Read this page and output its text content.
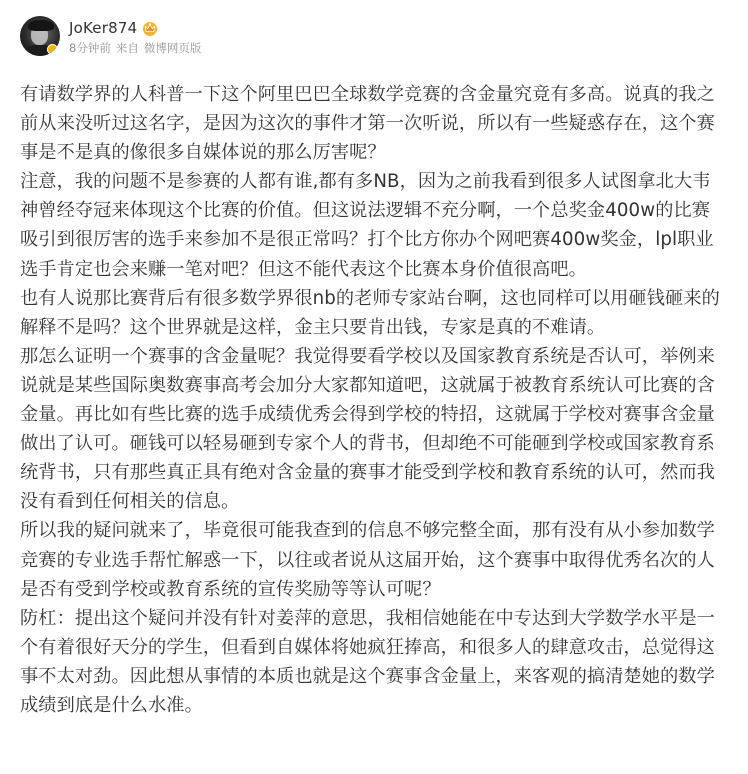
JoKer874
8分钟前 来自 微博网页版

有请数学界的人科普一下这个阿里巴巴全球数学竞赛的含金量究竟有多高。说真的我之前从来没听过这名字，是因为这次的事件才第一次听说，所以有一些疑惑存在，这个赛事是不是真的像很多自媒体说的那么厉害呢？

注意，我的问题不是参赛的人都有谁,都有多NB，因为之前我看到很多人试图拿北大韦神曾经夺冠来体现这个比赛的价值。但这说法逻辑不充分啊，一个总奖金400w的比赛吸引到很厉害的选手来参加不是很正常吗？打个比方你办个网吧赛400w奖金，lpl职业选手肯定也会来赚一笔对吧？但这不能代表这个比赛本身价值很高吧。

也有人说那比赛背后有很多数学界很nb的老师专家站台啊，这也同样可以用砸钱砸来的解释不是吗？这个世界就是这样，金主只要肯出钱，专家是真的不难请。

那怎么证明一个赛事的含金量呢？我觉得要看学校以及国家教育系统是否认可，举例来说就是某些国际奥数赛事高考会加分大家都知道吧，这就属于被教育系统认可比赛的含金量。再比如有些比赛的选手成绩优秀会得到学校的特招，这就属于学校对赛事含金量做出了认可。砸钱可以轻易砸到专家个人的背书，但却绝不可能砸到学校或国家教育系统背书，只有那些真正具有绝对含金量的赛事才能受到学校和教育系统的认可，然而我没有看到任何相关的信息。

所以我的疑问就来了，毕竟很可能我查到的信息不够完整全面，那有没有从小参加数学竞赛的专业选手帮忙解惑一下，以往或者说从这届开始，这个赛事中取得优秀名次的人是否有受到学校或教育系统的宣传奖励等等认可呢？

防杠：提出这个疑问并没有针对姜萍的意思，我相信她能在中专达到大学数学水平是一个有着很好天分的学生，但看到自媒体将她疯狂捧高，和很多人的肆意攻击，总觉得这事不太对劲。因此想从事情的本质也就是这个赛事含金量上，来客观的搞清楚她的数学成绩到底是什么水准。
